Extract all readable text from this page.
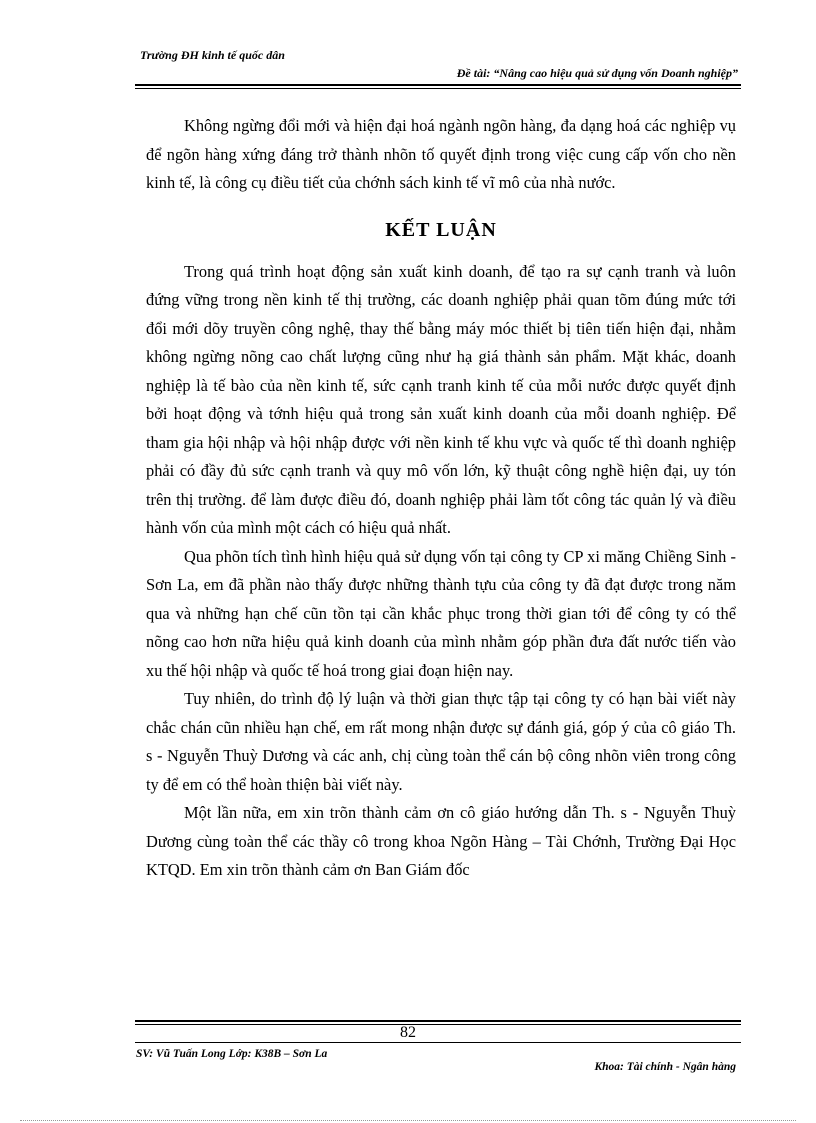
Trường ĐH kinh tế quốc dân
Đề tài: “Nâng cao hiệu quả sử dụng vốn Doanh nghiệp”

Không ngừng đổi mới và hiện đại hoá ngành ngõn hàng, đa dạng hoá các nghiệp vụ để ngõn hàng xứng đáng trở thành nhõn tố quyết định trong việc cung cấp vốn cho nền kinh tế, là công cụ điều tiết của chớnh sách kinh tế vĩ mô của nhà nước.

KẾT LUẬN

Trong quá trình hoạt động sản xuất kinh doanh, để tạo ra sự cạnh tranh và luôn đứng vững trong nền kinh tế thị trường, các doanh nghiệp phải quan tõm đúng mức tới đổi mới dõy truyền công nghệ, thay thế bằng máy móc thiết bị tiên tiến hiện đại, nhằm không ngừng nõng cao chất lượng cũng như hạ giá thành sản phẩm. Mặt khác, doanh nghiệp là tế bào của nền kinh tế, sức cạnh tranh kinh tế của mỗi nước được quyết định bởi hoạt động và tớnh hiệu quả trong sản xuất kinh doanh của mỗi doanh nghiệp. Để tham gia hội nhập và hội nhập được với nền kinh tế khu vực và quốc tế thì doanh nghiệp phải có đầy đủ sức cạnh tranh và quy mô vốn lớn, kỹ thuật công nghề hiện đại, uy tón trên thị trường. để làm được điều đó, doanh nghiệp phải làm tốt công tác quản lý và điều hành vốn của mình một cách có hiệu quả nhất.

Qua phõn tích tình hình hiệu quả sử dụng vốn tại công ty CP xi măng Chiềng Sinh - Sơn La, em đã phần nào thấy được những thành tựu của công ty đã đạt được trong năm qua và những hạn chế cũn tồn tại cần khắc phục trong thời gian tới để công ty có thể nõng cao hơn nữa hiệu quả kinh doanh của mình nhằm góp phần đưa đất nước tiến vào xu thế hội nhập và quốc tế hoá trong giai đoạn hiện nay.

Tuy nhiên, do trình độ lý luận và thời gian thực tập tại công ty có hạn bài viết này chắc chán cũn nhiều hạn chế, em rất mong nhận được sự đánh giá, góp ý của cô giáo Th. s - Nguyễn Thuỳ Dương và các anh, chị cùng toàn thể cán bộ công nhõn viên trong công ty để em có thể hoàn thiện bài viết này.

Một lần nữa, em xin trõn thành cảm ơn cô giáo hướng dẫn Th. s - Nguyễn Thuỳ Dương cùng toàn thể các thầy cô trong khoa Ngõn Hàng – Tài Chớnh, Trường Đại Học KTQD. Em xin trõn thành cảm ơn Ban Giám đốc

82
SV: Vũ Tuấn Long Lớp: K38B – Sơn La
Khoa: Tài chính - Ngân hàng
